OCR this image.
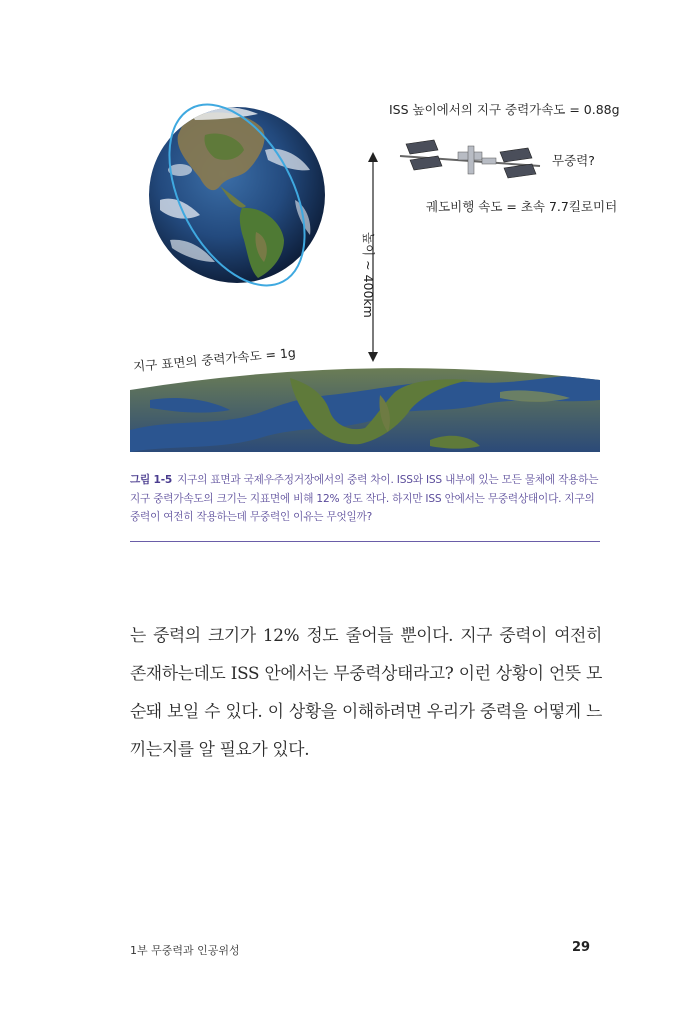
ISS 높이에서의 지구 중력가속도 = 0.88g
무중력?
궤도비행 속도 = 초속 7.7킬로미터
높이 ~ 400km
지구 표면의 중력가속도 = 1g
그림 1-5 지구의 표면과 국제우주정거장에서의 중력 차이. ISS와 ISS 내부에 있는 모든 물체에 작용하는 지구 중력가속도의 크기는 지표면에 비해 12% 정도 작다. 하지만 ISS 안에서는 무중력상태이다. 지구의 중력이 여전히 작용하는데 무중력인 이유는 무엇일까?
는 중력의 크기가 12% 정도 줄어들 뿐이다. 지구 중력이 여전히 존재하는데도 ISS 안에서는 무중력상태라고? 이런 상황이 언뜻 모순돼 보일 수 있다. 이 상황을 이해하려면 우리가 중력을 어떻게 느끼는지를 알 필요가 있다.
1부 무중력과 인공위성	29
